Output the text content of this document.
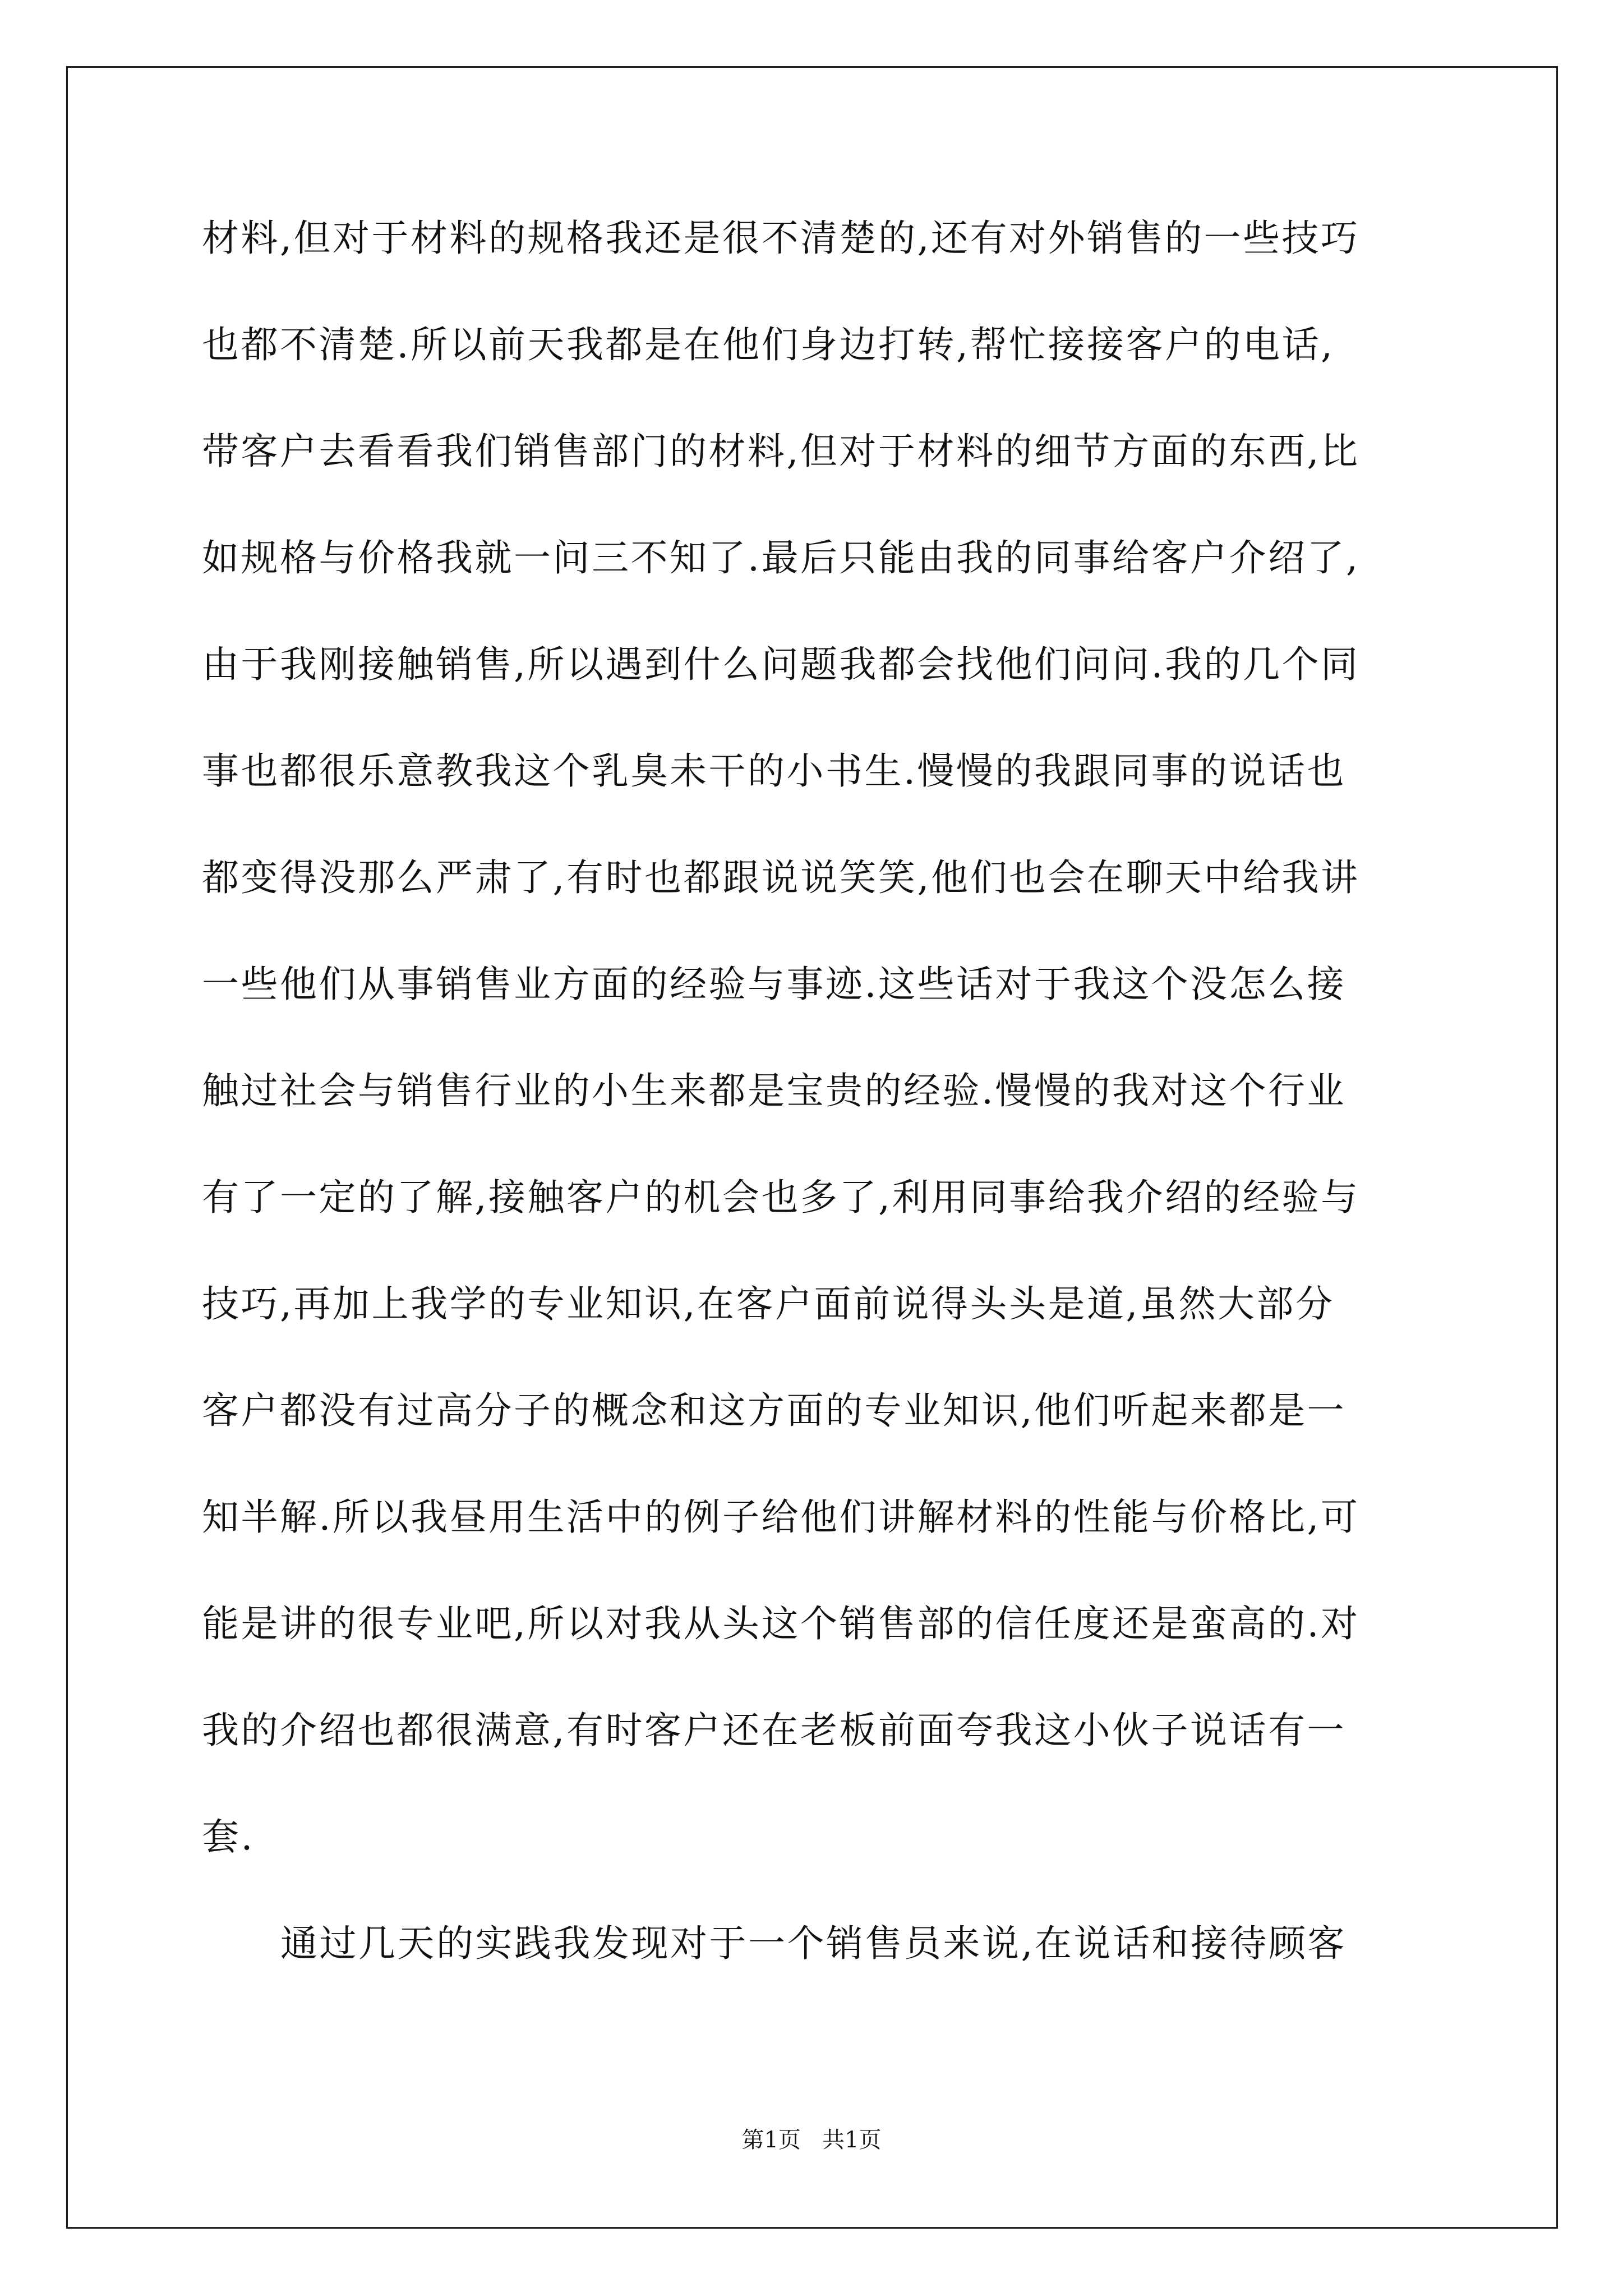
材料,但对于材料的规格我还是很不清楚的,还有对外销售的一些技巧
也都不清楚.所以前天我都是在他们身边打转,帮忙接接客户的电话,
带客户去看看我们销售部门的材料,但对于材料的细节方面的东西,比
如规格与价格我就一问三不知了.最后只能由我的同事给客户介绍了,
由于我刚接触销售,所以遇到什么问题我都会找他们问问.我的几个同
事也都很乐意教我这个乳臭未干的小书生.慢慢的我跟同事的说话也
都变得没那么严肃了,有时也都跟说说笑笑,他们也会在聊天中给我讲
一些他们从事销售业方面的经验与事迹.这些话对于我这个没怎么接
触过社会与销售行业的小生来都是宝贵的经验.慢慢的我对这个行业
有了一定的了解,接触客户的机会也多了,利用同事给我介绍的经验与
技巧,再加上我学的专业知识,在客户面前说得头头是道,虽然大部分
客户都没有过高分子的概念和这方面的专业知识,他们听起来都是一
知半解.所以我昼用生活中的例子给他们讲解材料的性能与价格比,可
能是讲的很专业吧,所以对我从头这个销售部的信任度还是蛮高的.对
我的介绍也都很满意,有时客户还在老板前面夸我这小伙子说话有一
套.
通过几天的实践我发现对于一个销售员来说,在说话和接待顾客
第1页   共1页
